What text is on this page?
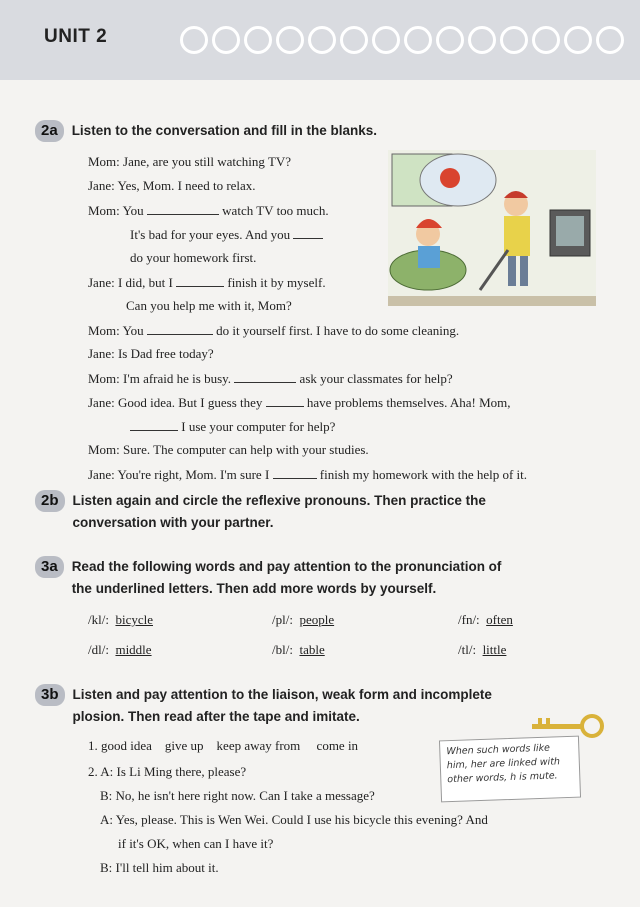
UNIT 2
2a	Listen to the conversation and fill in the blanks.
Mom: Jane, are you still watching TV?
Jane: Yes, Mom. I need to relax.
Mom: You	watch TV too much.
It's bad for your eyes. And you
do your homework first.
Jane: I did, but I	finish it by myself.
Can you help me with it, Mom?
Mom: You	do it yourself first. I have to do some cleaning.
Jane: Is Dad free today?
Mom: I'm afraid he is busy.	ask your classmates for help?
Jane: Good idea. But I guess they	have problems themselves. Aha! Mom,
I use your computer for help?
Mom: Sure. The computer can help with your studies.
Jane: You're right, Mom. I'm sure I	finish my homework with the help of it.
2b	Listen again and circle the reflexive pronouns. Then practice the
conversation with your partner.
3a	Read the following words and pay attention to the pronunciation of
the underlined letters. Then add more words by yourself.
/kl/: bicycle	/pl/: people	/fn/: often
/dl/: middle	/bl/: table	/tl/: little
3b	Listen and pay attention to the liaison, weak form and incomplete
plosion. Then read after the tape and imitate.
1. good idea give up keep away from come in
2. A: Is Li Ming there, please?
B: No, he isn't here right now. Can I take a message?
A: Yes, please. This is Wen Wei. Could I use his bicycle this evening? And
if it's OK, when can I have it?
B: I'll tell him about it.
When such words like him, her are linked with other words, h is mute.
